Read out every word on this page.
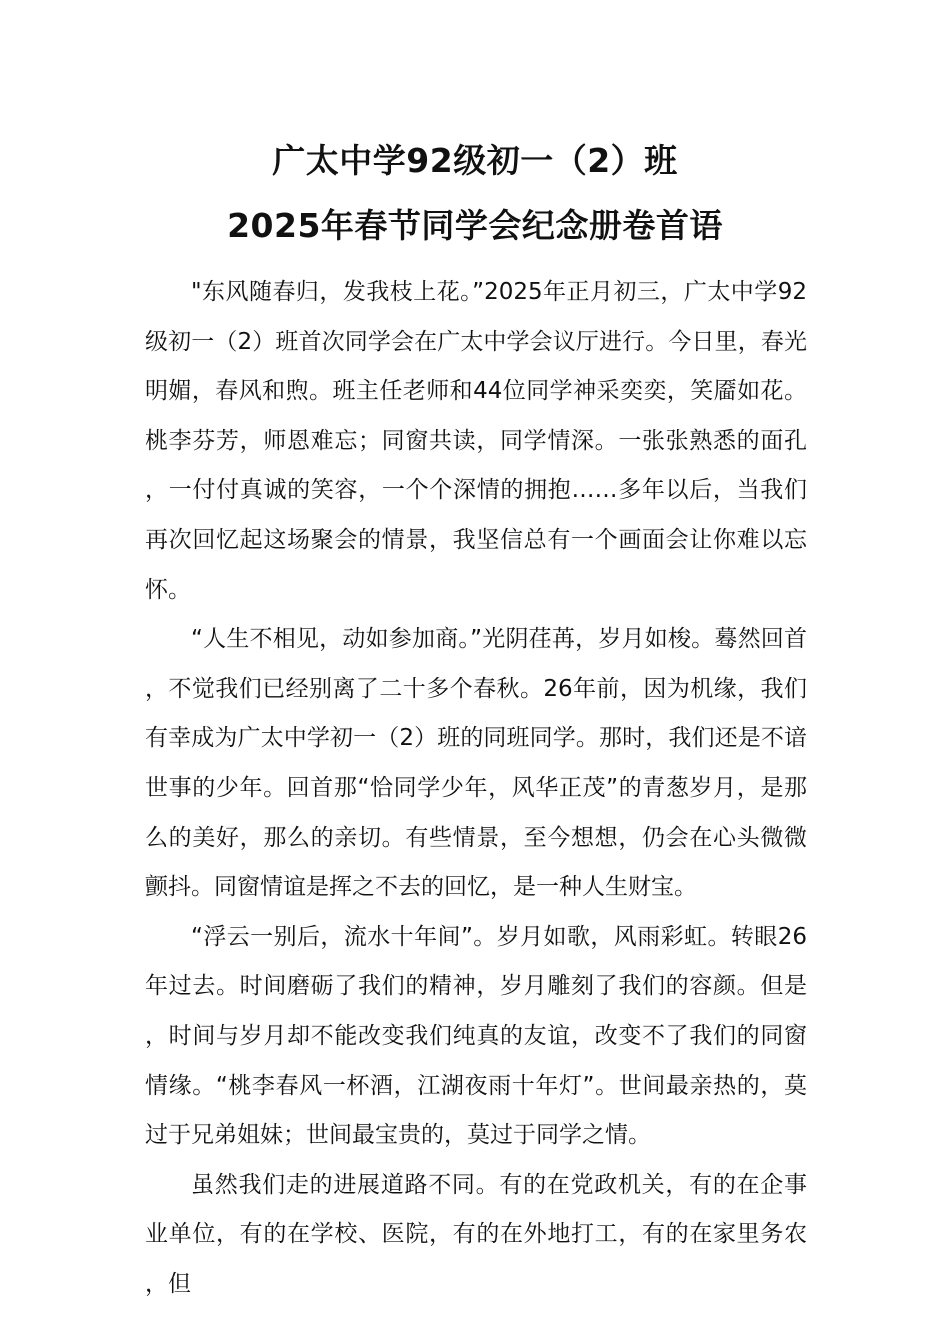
广太中学92级初一（2）班
2025年春节同学会纪念册卷首语

"东风随春归，发我枝上花。”2025年正月初三，广太中学92级初一（2）班首次同学会在广太中学会议厅进行。今日里，春光明媚，春风和煦。班主任老师和44位同学神采奕奕，笑靥如花。桃李芬芳，师恩难忘；同窗共读，同学情深。一张张熟悉的面孔，一付付真诚的笑容，一个个深情的拥抱……多年以后，当我们再次回忆起这场聚会的情景，我坚信总有一个画面会让你难以忘怀。

“人生不相见，动如参加商。”光阴荏苒，岁月如梭。蓦然回首，不觉我们已经别离了二十多个春秋。26年前，因为机缘，我们有幸成为广太中学初一（2）班的同班同学。那时，我们还是不谙世事的少年。回首那“恰同学少年，风华正茂”的青葱岁月，是那么的美好，那么的亲切。有些情景，至今想想，仍会在心头微微颤抖。同窗情谊是挥之不去的回忆，是一种人生财宝。

“浮云一别后，流水十年间”。岁月如歌，风雨彩虹。转眼26年过去。时间磨砺了我们的精神，岁月雕刻了我们的容颜。但是，时间与岁月却不能改变我们纯真的友谊，改变不了我们的同窗情缘。“桃李春风一杯酒，江湖夜雨十年灯”。世间最亲热的，莫过于兄弟姐妹；世间最宝贵的，莫过于同学之情。

虽然我们走的进展道路不同。有的在党政机关，有的在企事业单位，有的在学校、医院，有的在外地打工，有的在家里务农，但
